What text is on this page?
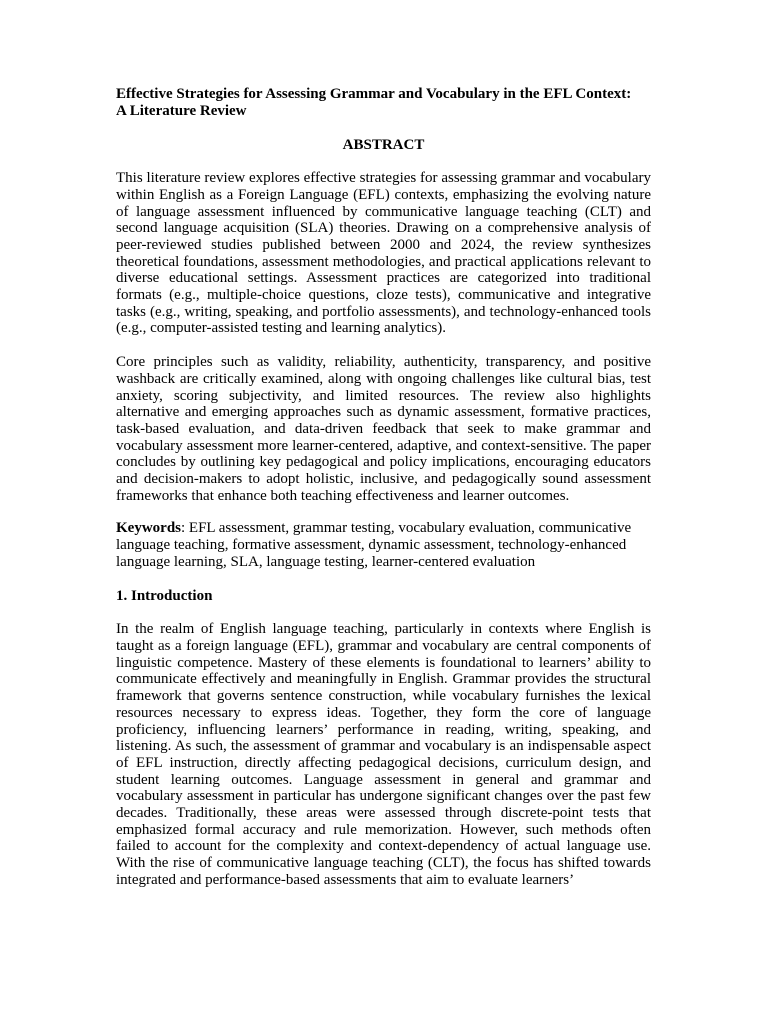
Effective Strategies for Assessing Grammar and Vocabulary in the EFL Context:
A Literature Review
ABSTRACT

This literature review explores effective strategies for assessing grammar and vocabulary within English as a Foreign Language (EFL) contexts, emphasizing the evolving nature of language assessment influenced by communicative language teaching (CLT) and second language acquisition (SLA) theories. Drawing on a comprehensive analysis of peer-reviewed studies published between 2000 and 2024, the review synthesizes theoretical foundations, assessment methodologies, and practical applications relevant to diverse educational settings. Assessment practices are categorized into traditional formats (e.g., multiple-choice questions, cloze tests), communicative and integrative tasks (e.g., writing, speaking, and portfolio assessments), and technology-enhanced tools (e.g., computer-assisted testing and learning analytics).

Core principles such as validity, reliability, authenticity, transparency, and positive washback are critically examined, along with ongoing challenges like cultural bias, test anxiety, scoring subjectivity, and limited resources. The review also highlights alternative and emerging approaches such as dynamic assessment, formative practices, task-based evaluation, and data-driven feedback that seek to make grammar and vocabulary assessment more learner-centered, adaptive, and context-sensitive. The paper concludes by outlining key pedagogical and policy implications, encouraging educators and decision-makers to adopt holistic, inclusive, and pedagogically sound assessment frameworks that enhance both teaching effectiveness and learner outcomes.

Keywords: EFL assessment, grammar testing, vocabulary evaluation, communicative
language teaching, formative assessment, dynamic assessment, technology-enhanced
language learning, SLA, language testing, learner-centered evaluation
1. Introduction

In the realm of English language teaching, particularly in contexts where English is taught as a foreign language (EFL), grammar and vocabulary are central components of linguistic competence. Mastery of these elements is foundational to learners’ ability to communicate effectively and meaningfully in English. Grammar provides the structural framework that governs sentence construction, while vocabulary furnishes the lexical resources necessary to express ideas. Together, they form the core of language proficiency, influencing learners’ performance in reading, writing, speaking, and listening. As such, the assessment of grammar and vocabulary is an indispensable aspect of EFL instruction, directly affecting pedagogical decisions, curriculum design, and student learning outcomes. Language assessment in general and grammar and vocabulary assessment in particular has undergone significant changes over the past few decades. Traditionally, these areas were assessed through discrete-point tests that emphasized formal accuracy and rule memorization. However, such methods often failed to account for the complexity and context-dependency of actual language use. With the rise of communicative language teaching (CLT), the focus has shifted towards integrated and performance-based assessments that aim to evaluate learners’
